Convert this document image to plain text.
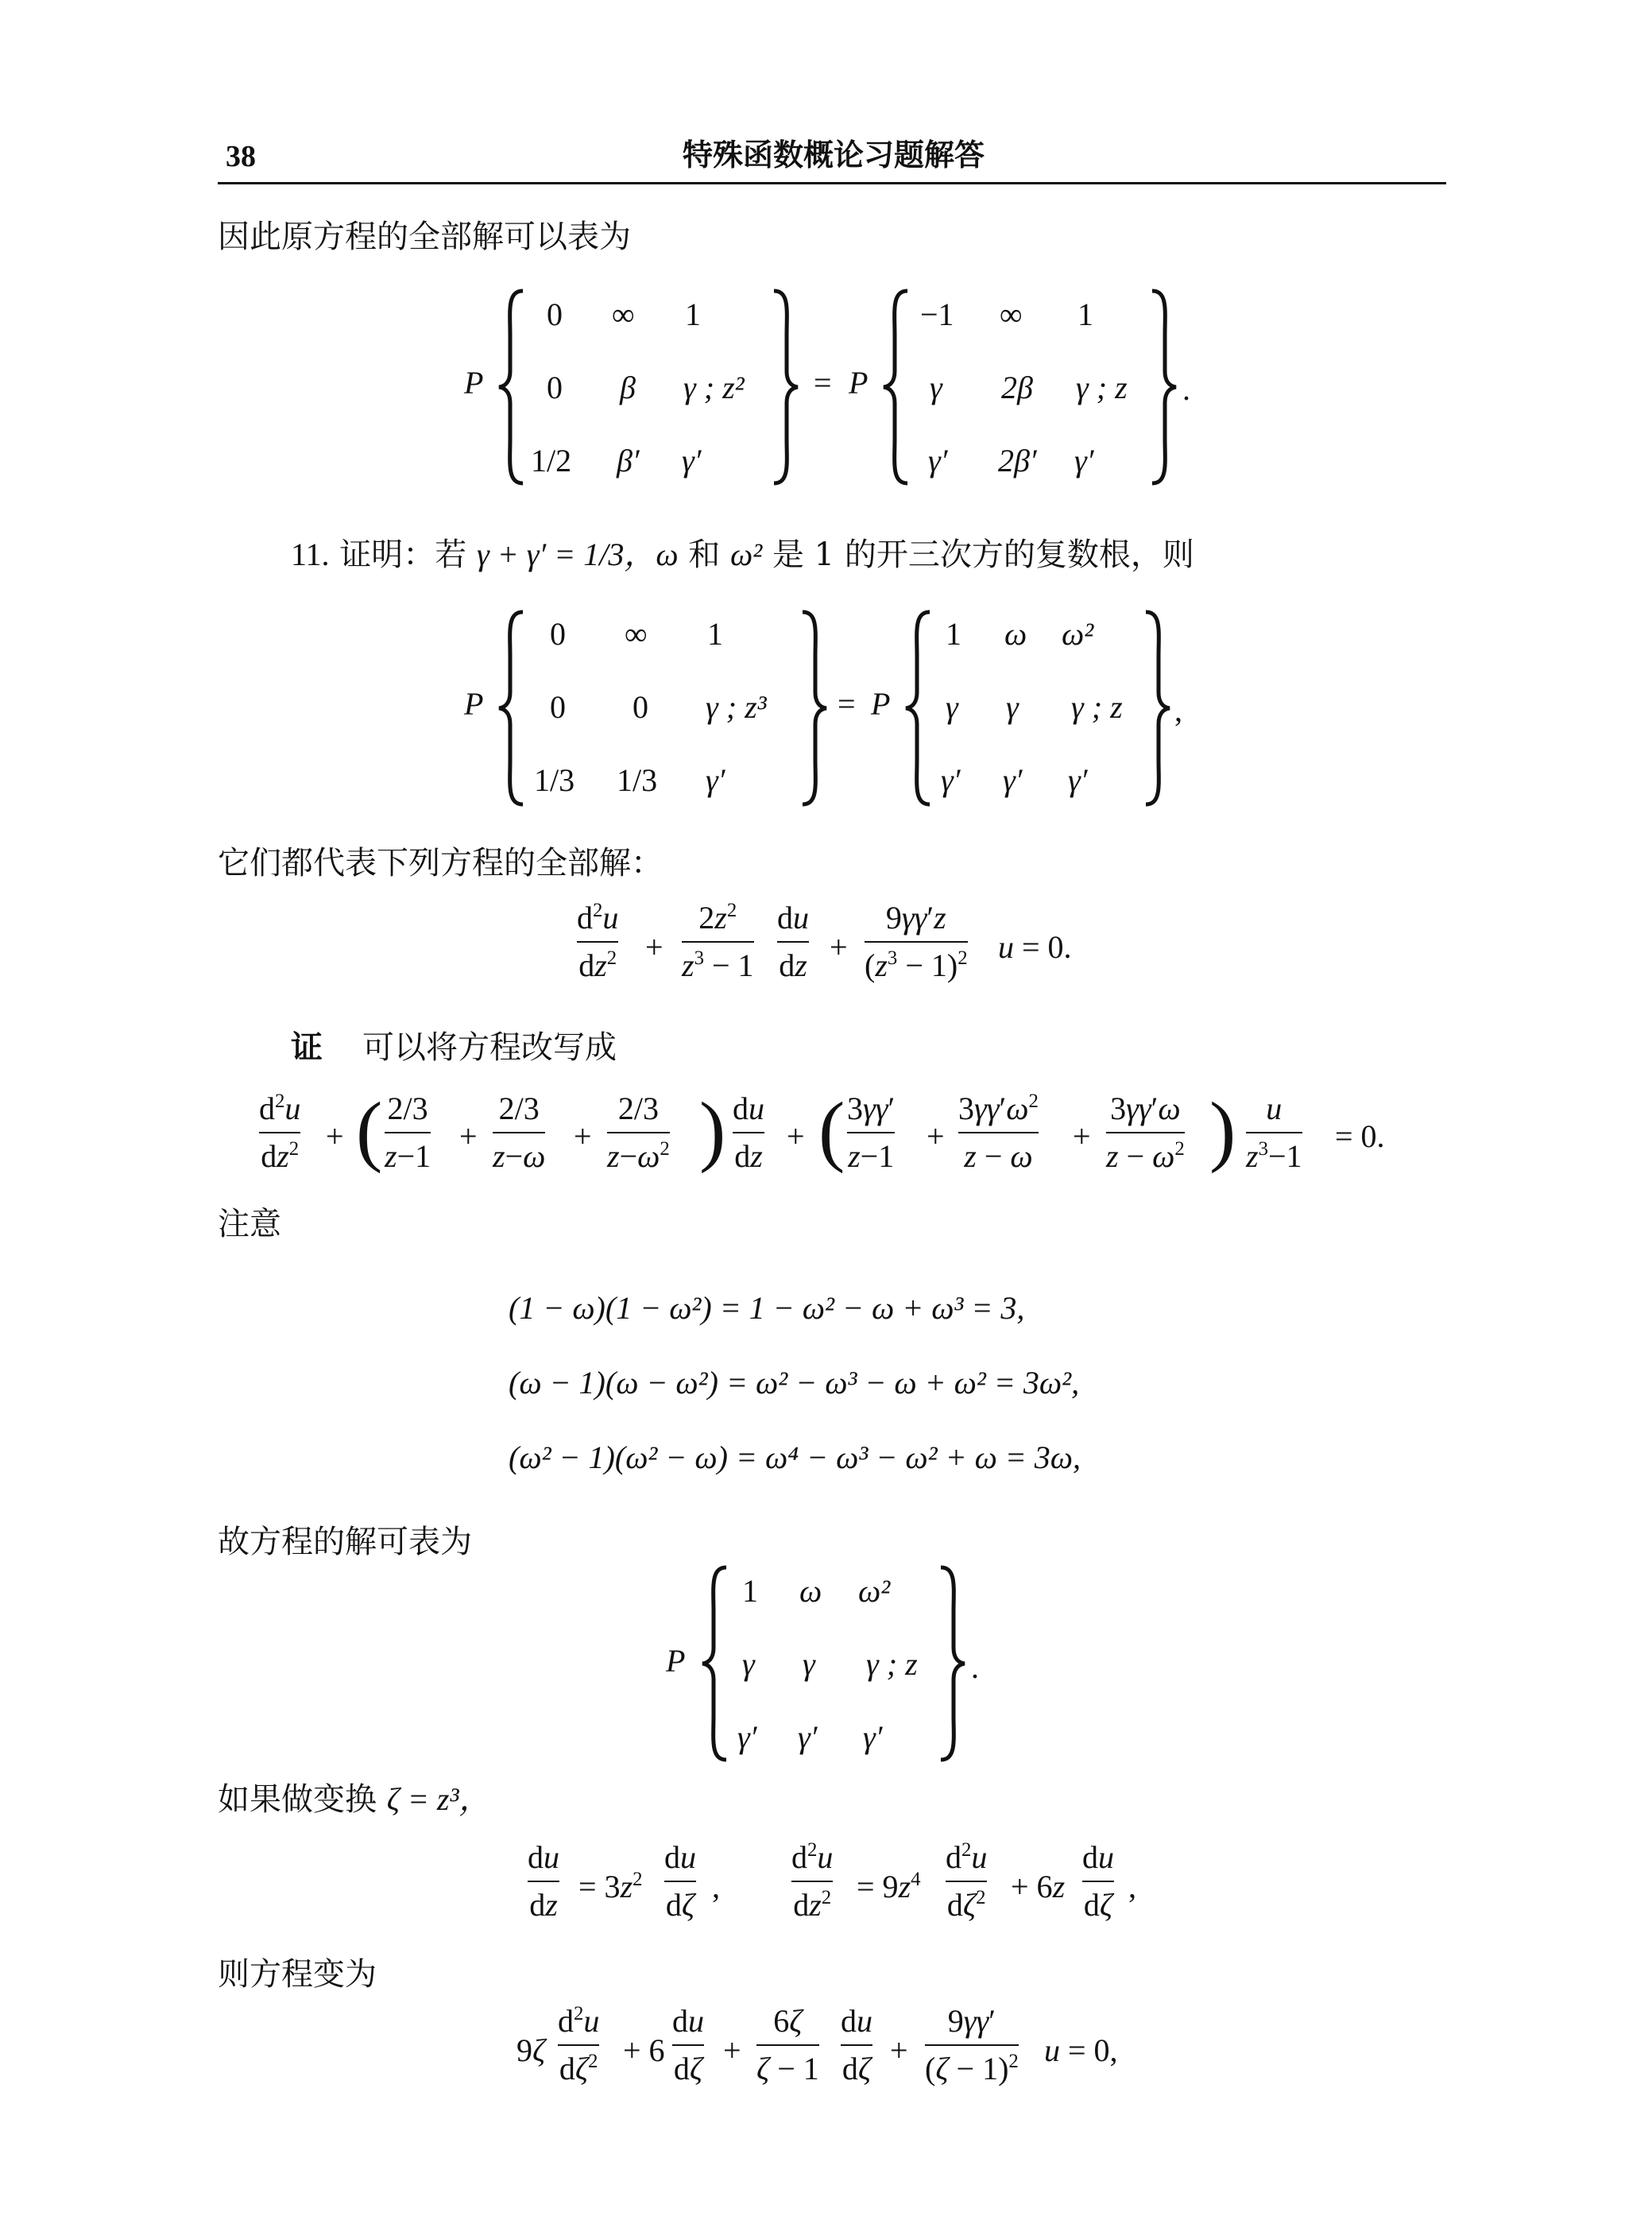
38	特殊函数概论习题解答
因此原方程的全部解可以表为
P
0 ∞ 1
0 β γ ; z²
1/2 β′ γ′
= P
−1 ∞ 1
γ 2β γ ; z
γ′ 2β′ γ′
.
11. 证明：若 γ + γ′ = 1/3，ω 和 ω² 是 1 的开三次方的复数根，则
P
0 ∞ 1
0 0 γ ; z³
1/3 1/3 γ′
= P
1 ω ω²
γ γ γ ; z
γ′ γ′ γ′
,
它们都代表下列方程的全部解：
$d^2u$
$dz^2$ +
$2z^2$
$z^3 - 1$
du
dz
+
9γγ′z
$(z^3 - 1)^2$ u = 0.
证 可以将方程改写成
$d^2u$
$dz^2$ + ( 2/3
z−1
+
2/3
z−ω
+
2/3
$z-\omega^2$ ) du
dz
+ ( 3γγ′
z−1
+
$3\gamma\gamma'\omega^2$
z − ω
+
3γγ′ω
$z - \omega^2$ ) u
$z^3-1$
= 0.
注意
(1 − ω)(1 − ω²) = 1 − ω² − ω + ω³ = 3,
(ω − 1)(ω − ω²) = ω² − ω³ − ω + ω² = 3ω²,
(ω² − 1)(ω² − ω) = ω⁴ − ω³ − ω² + ω = 3ω,
故方程的解可表为
P
1 ω ω²
γ γ γ ; z
γ′ γ′ γ′
.
如果做变换 ζ = z³，
du
dz
= $3z^2$
du
dζ
,
$d^2u$
$dz^2 = 9z^4$
$d^2u$
$d\zeta^2 + 6z$
du
dζ
,
则方程变为
9ζ
$d^2u$
$d\zeta^2 + 6$
du
dζ
+
6ζ
ζ − 1
du
dζ
+
9γγ′
$(\zeta - 1)^2$ u = 0,
